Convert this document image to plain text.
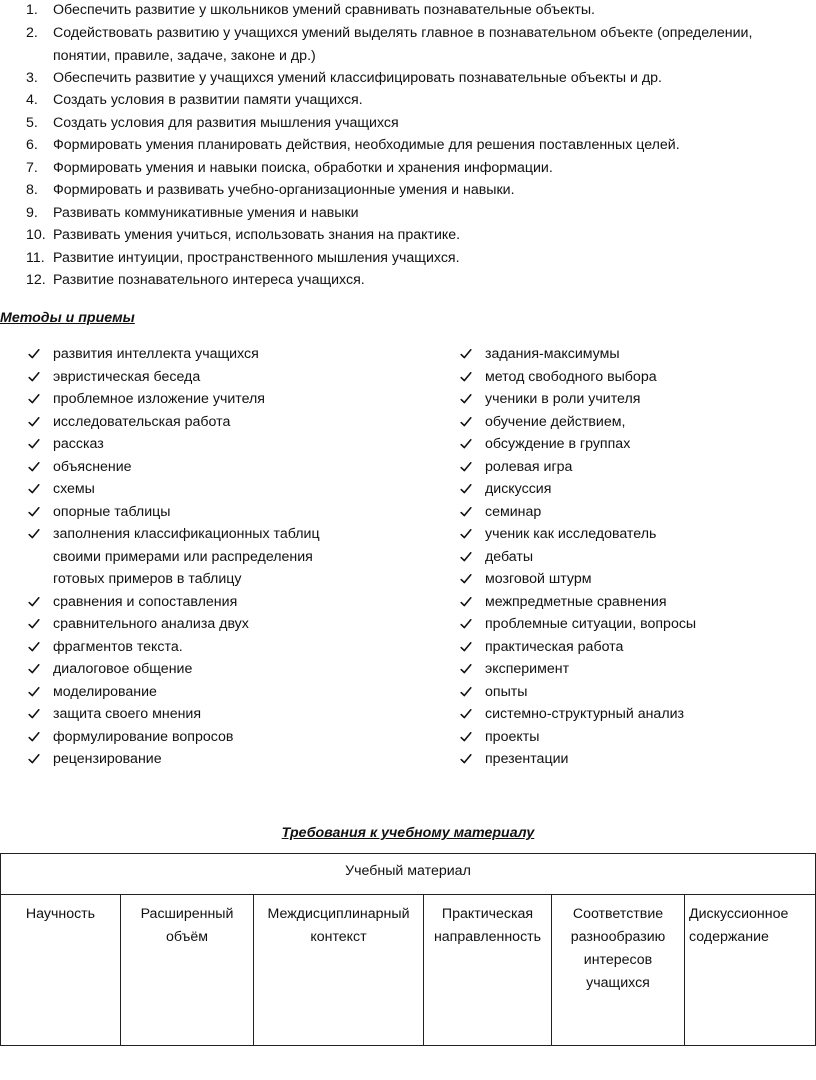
1. Обеспечить развитие у школьников умений сравнивать познавательные объекты.
2. Содействовать развитию у учащихся умений выделять главное в познавательном объекте (определении, понятии, правиле, задаче, законе и др.)
3. Обеспечить развитие у учащихся умений классифицировать познавательные объекты и др.
4. Создать условия в развитии памяти учащихся.
5. Создать условия для развития мышления учащихся
6. Формировать умения планировать действия, необходимые для решения поставленных целей.
7. Формировать умения и навыки поиска, обработки и хранения информации.
8. Формировать и развивать учебно-организационные умения и навыки.
9. Развивать коммуникативные умения и навыки
10. Развивать умения учиться, использовать знания на практике.
11. Развитие интуиции, пространственного мышления учащихся.
12. Развитие познавательного интереса учащихся.
Методы и приемы
развития интеллекта учащихся
эвристическая беседа
проблемное изложение учителя
исследовательская работа
рассказ
объяснение
схемы
опорные таблицы
заполнения классификационных таблиц своими примерами или распределения готовых примеров в таблицу
сравнения и сопоставления
сравнительного анализа двух
фрагментов текста.
диалоговое общение
моделирование
защита своего мнения
формулирование вопросов
рецензирование
задания-максимумы
метод свободного выбора
ученики в роли учителя
обучение действием,
обсуждение в группах
ролевая игра
дискуссия
семинар
ученик как исследователь
дебаты
мозговой штурм
межпредметные сравнения
проблемные ситуации, вопросы
практическая работа
эксперимент
опыты
системно-структурный анализ
проекты
презентации
Требования к учебному материалу
Учебный материал
Научность	Расширенный объём	Междисциплинарный контекст	Практическая направленность	Соответствие разнообразию интересов учащихся	Дискуссионное содержание
